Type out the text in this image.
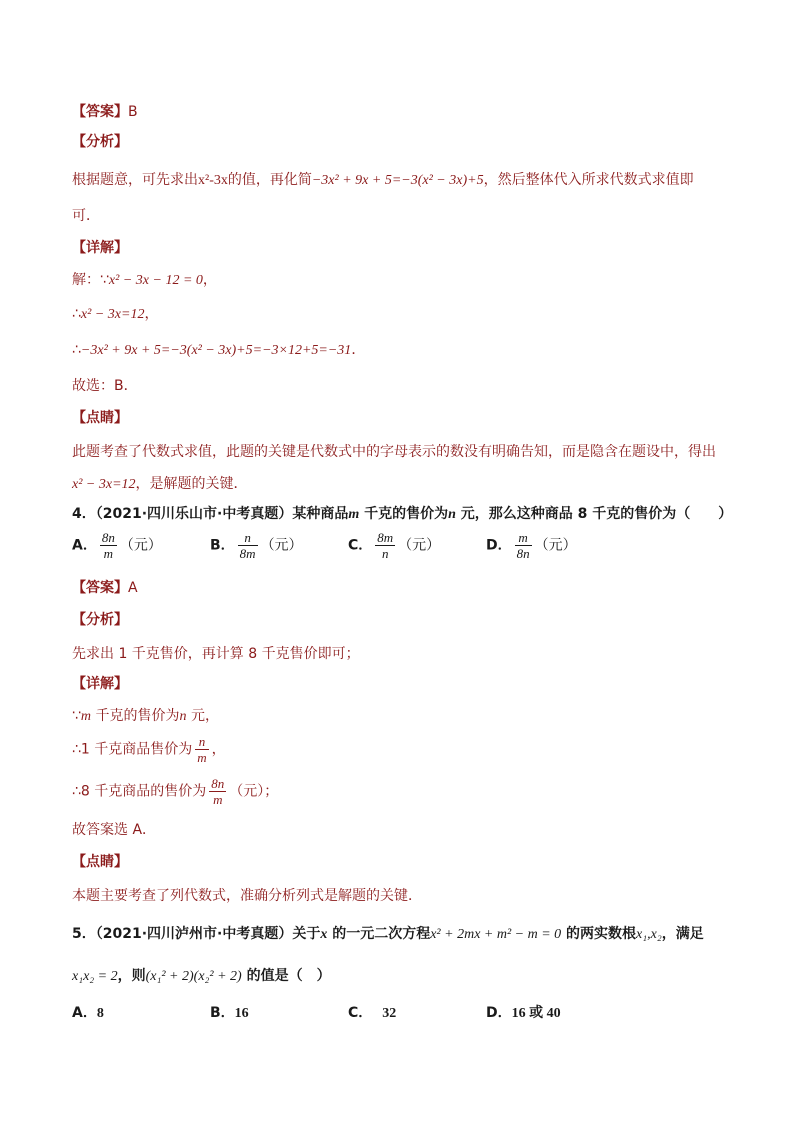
【答案】B
【分析】
根据题意，可先求出x²-3x的值，再化简−3x² + 9x + 5=−3(x² − 3x)+5，然后整体代入所求代数式求值即
可．
【详解】
解：∵x² − 3x − 12 = 0，
∴x² − 3x=12，
∴−3x² + 9x + 5=−3(x² − 3x)+5=−3×12+5=−31．
故选：B．
【点睛】
此题考查了代数式求值，此题的关键是代数式中的字母表示的数没有明确告知，而是隐含在题设中，得出
x² − 3x=12，是解题的关键．
4．（2021·四川乐山市·中考真题）某种商品m 千克的售价为n 元，那么这种商品 8 千克的售价为（　　）
A． $\frac{8n}{m}$ （元）	B． $\frac{n}{8m}$ （元）	C． $\frac{8m}{n}$ （元）	D． $\frac{m}{8n}$ （元）
【答案】A
【分析】
先求出 1 千克售价，再计算 8 千克售价即可；
【详解】
∵m 千克的售价为n 元，
∴1 千克商品售价为 $\frac{n}{m}$ ，
∴8 千克商品的售价为 $\frac{8n}{m}$ （元）；
故答案选 A．
【点睛】
本题主要考查了列代数式，准确分析列式是解题的关键．
5．（2021·四川泸州市·中考真题）关于x 的一元二次方程x² + 2mx + m² − m = 0 的两实数根x₁,x₂，满足
x₁x₂ = 2，则(x₁² + 2)(x₂² + 2) 的值是（　）
A．8	B．16	C． 32	D．16 或 40
